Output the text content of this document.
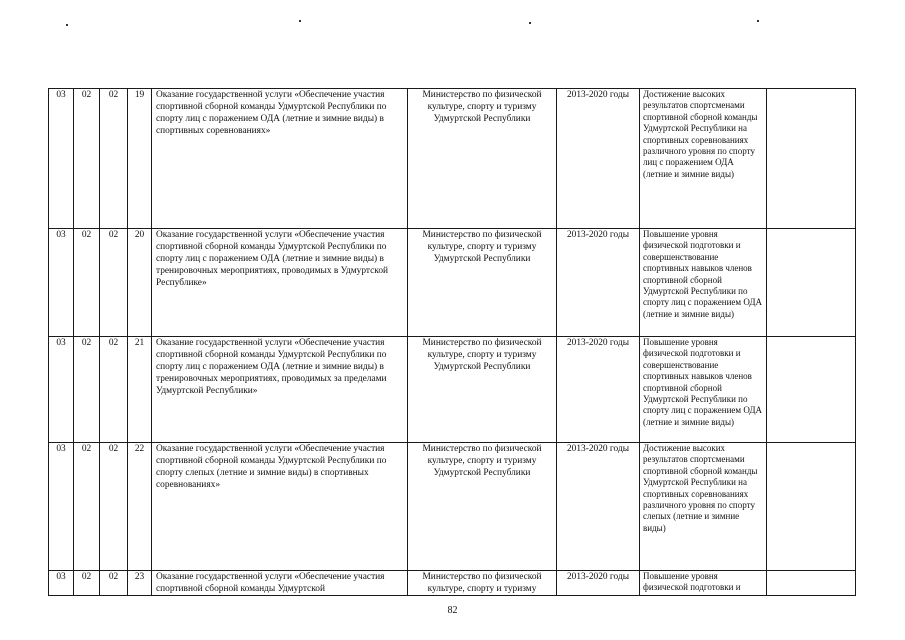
03	02	02	19	Оказание государственной услуги «Обеспечение участия спортивной сборной команды Удмуртской Республики по спорту лиц с поражением ОДА (летние и зимние виды) в спортивных соревнованиях»	Министерство по физической культуре, спорту и туризму Удмуртской Республики	2013-2020 годы	Достижение высоких результатов спортсменами спортивной сборной команды Удмуртской Республики на спортивных соревнованиях различного уровня по спорту лиц с поражением ОДА (летние и зимние виды)	
03	02	02	20	Оказание государственной услуги «Обеспечение участия спортивной сборной команды Удмуртской Республики по спорту лиц с поражением ОДА (летние и зимние виды) в тренировочных мероприятиях, проводимых в Удмуртской Республике»	Министерство по физической культуре, спорту и туризму Удмуртской Республики	2013-2020 годы	Повышение уровня физической подготовки и совершенствование спортивных навыков членов спортивной сборной Удмуртской Республики по спорту лиц с поражением ОДА (летние и зимние виды)	
03	02	02	21	Оказание государственной услуги «Обеспечение участия спортивной сборной команды Удмуртской Республики по спорту лиц с поражением ОДА (летние и зимние виды) в тренировочных мероприятиях, проводимых за пределами Удмуртской Республики»	Министерство по физической культуре, спорту и туризму Удмуртской Республики	2013-2020 годы	Повышение уровня физической подготовки и совершенствование спортивных навыков членов спортивной сборной Удмуртской Республики по спорту лиц с поражением ОДА (летние и зимние виды)	
03	02	02	22	Оказание государственной услуги «Обеспечение участия спортивной сборной команды Удмуртской Республики по спорту слепых (летние и зимние виды) в спортивных соревнованиях»	Министерство по физической культуре, спорту и туризму Удмуртской Республики	2013-2020 годы	Достижение высоких результатов спортсменами спортивной сборной команды Удмуртской Республики на спортивных соревнованиях различного уровня по спорту слепых (летние и зимние виды)	
03	02	02	23	Оказание государственной услуги «Обеспечение участия спортивной сборной команды Удмуртской	Министерство по физической культуре, спорту и туризму	2013-2020 годы	Повышение уровня физической подготовки и	
82
